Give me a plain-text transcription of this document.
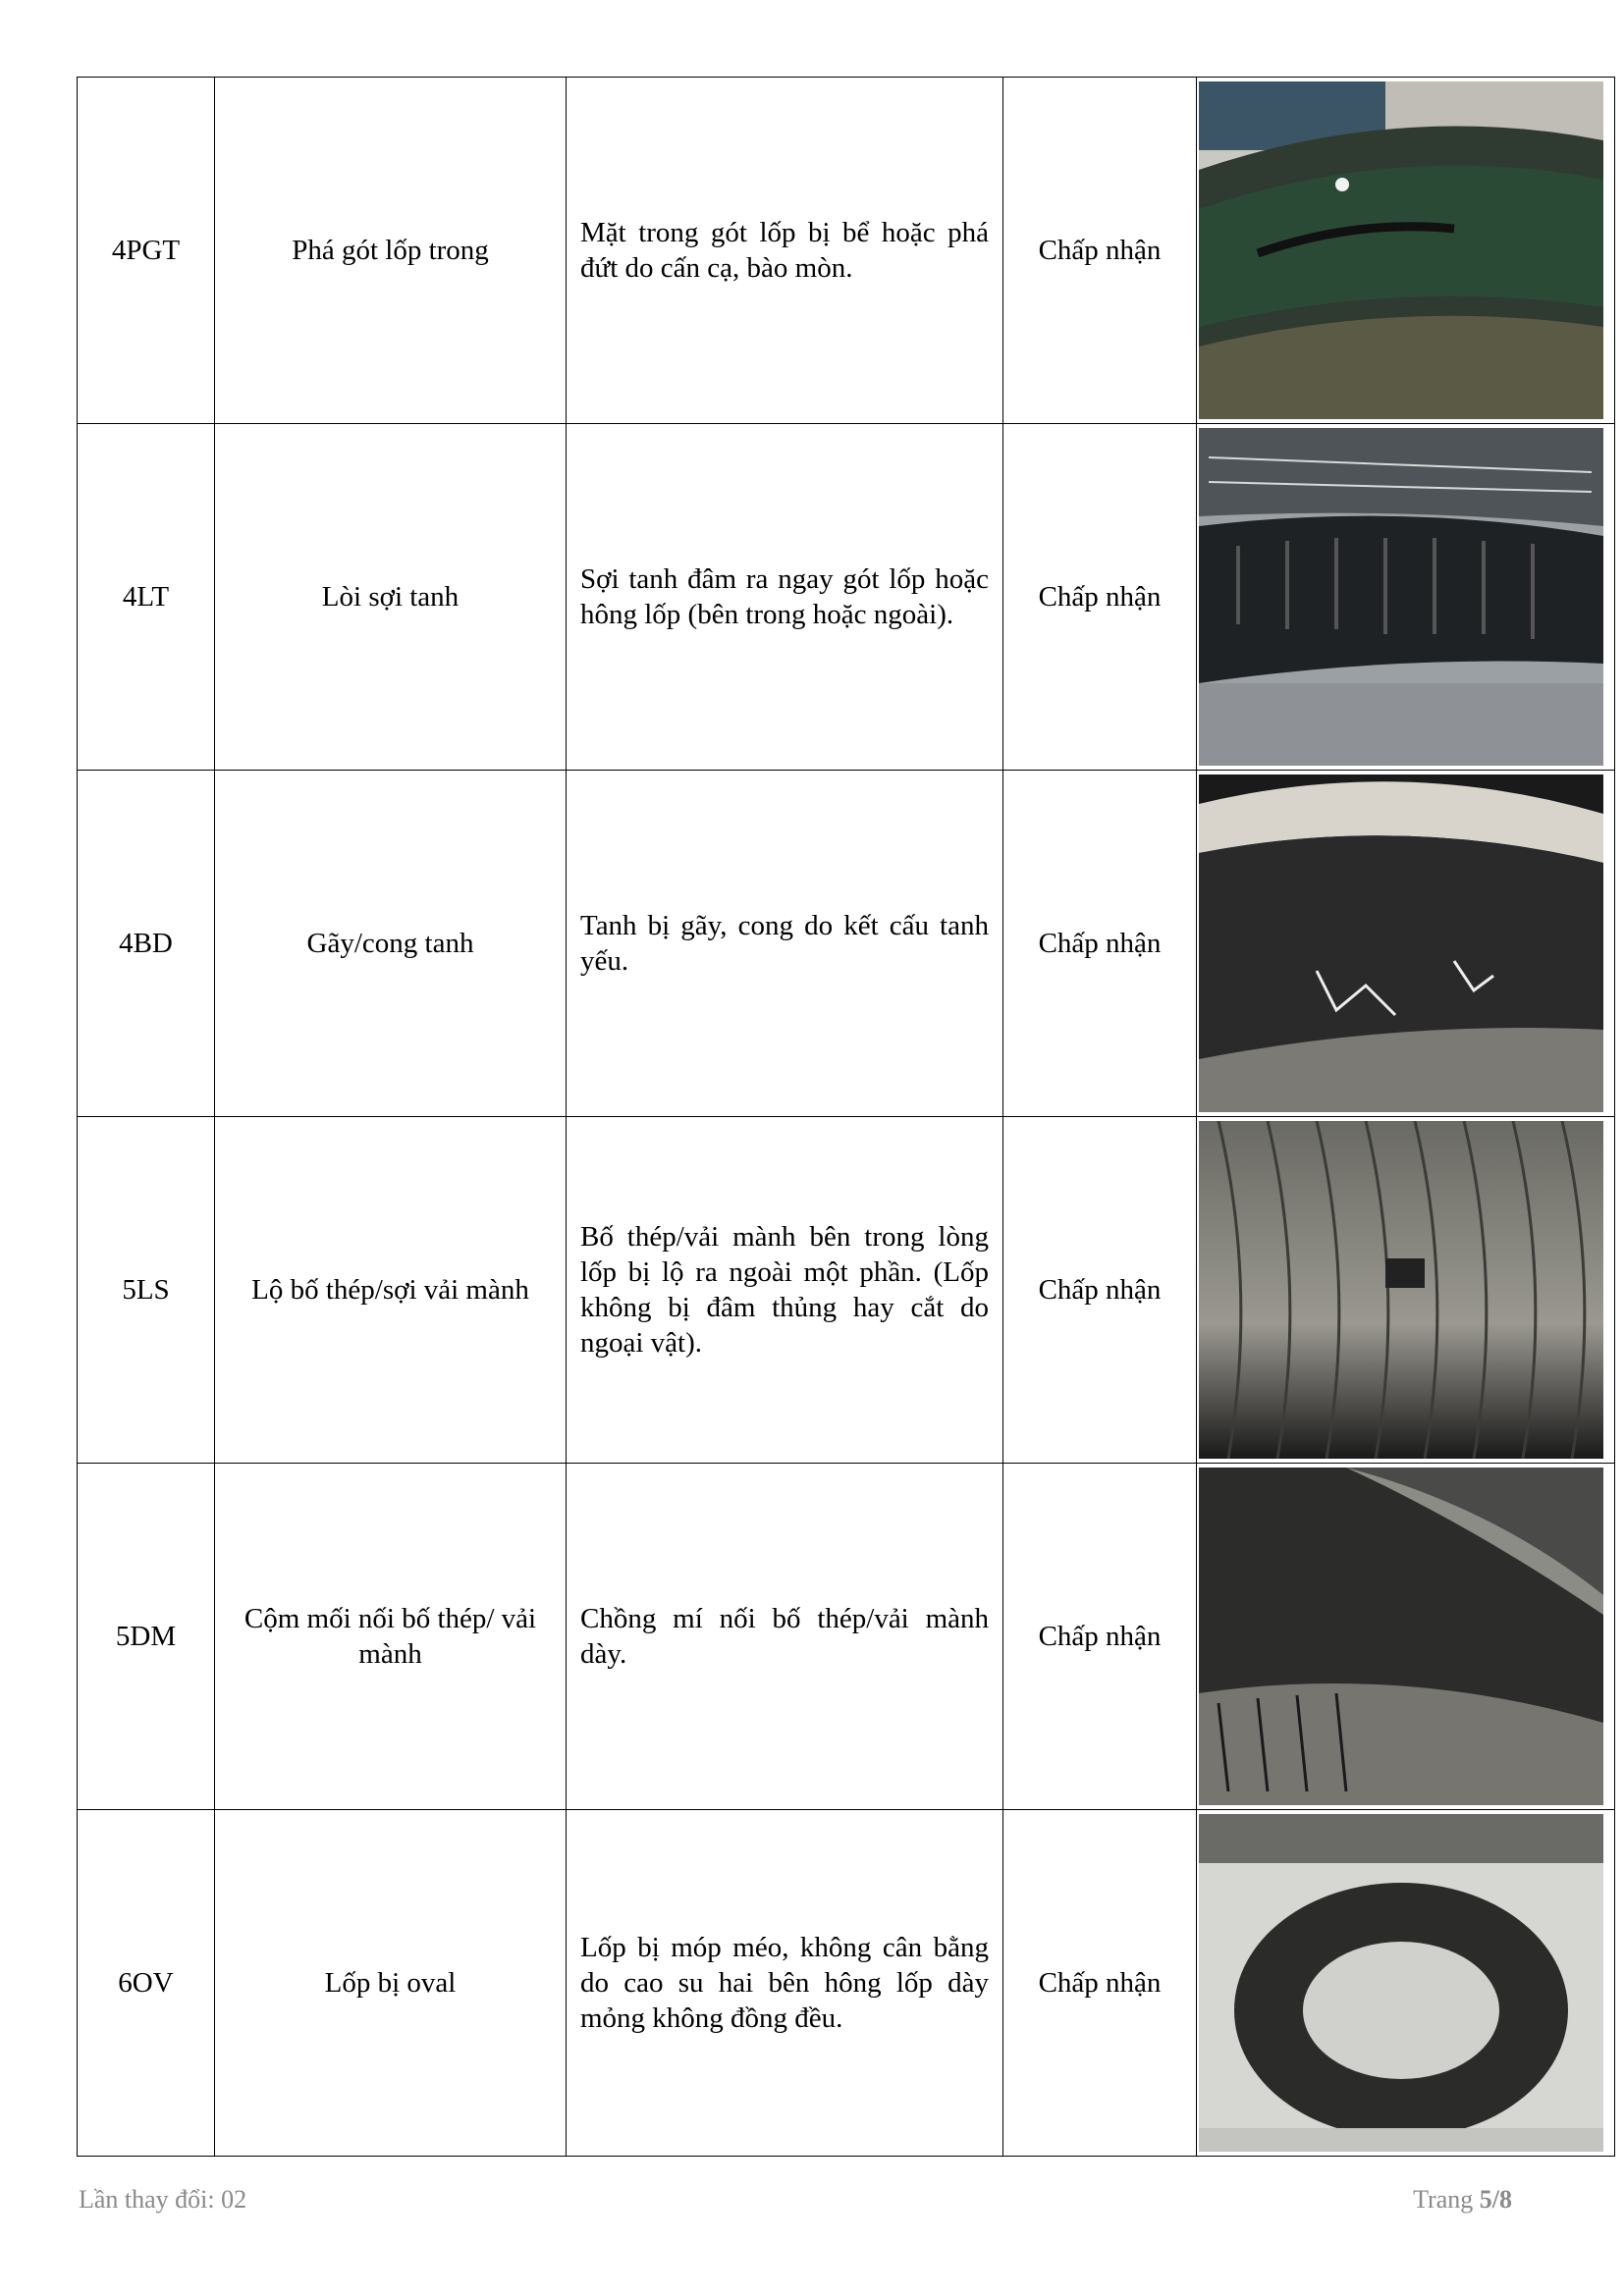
4PGT	Phá gót lốp trong	Mặt trong gót lốp bị bể hoặc phá đứt do cấn cạ, bào mòn.	Chấp nhận	

4LT	Lòi sợi tanh	Sợi tanh đâm ra ngay gót lốp hoặc hông lốp (bên trong hoặc ngoài).	Chấp nhận	

4BD	Gãy/cong tanh	Tanh bị gãy, cong do kết cấu tanh yếu.	Chấp nhận	

5LS	Lộ bố thép/sợi vải mành	Bố thép/vải mành bên trong lòng lốp bị lộ ra ngoài một phần. (Lốp không bị đâm thủng hay cắt do ngoại vật).	Chấp nhận	

5DM	Cộm mối nối bố thép/ vải mành	Chồng mí nối bố thép/vải mành dày.	Chấp nhận	

6OV	Lốp bị oval	Lốp bị móp méo, không cân bằng do cao su hai bên hông lốp dày mỏng không đồng đều.	Chấp nhận	
Lần thay đổi: 02	Trang 5/8
